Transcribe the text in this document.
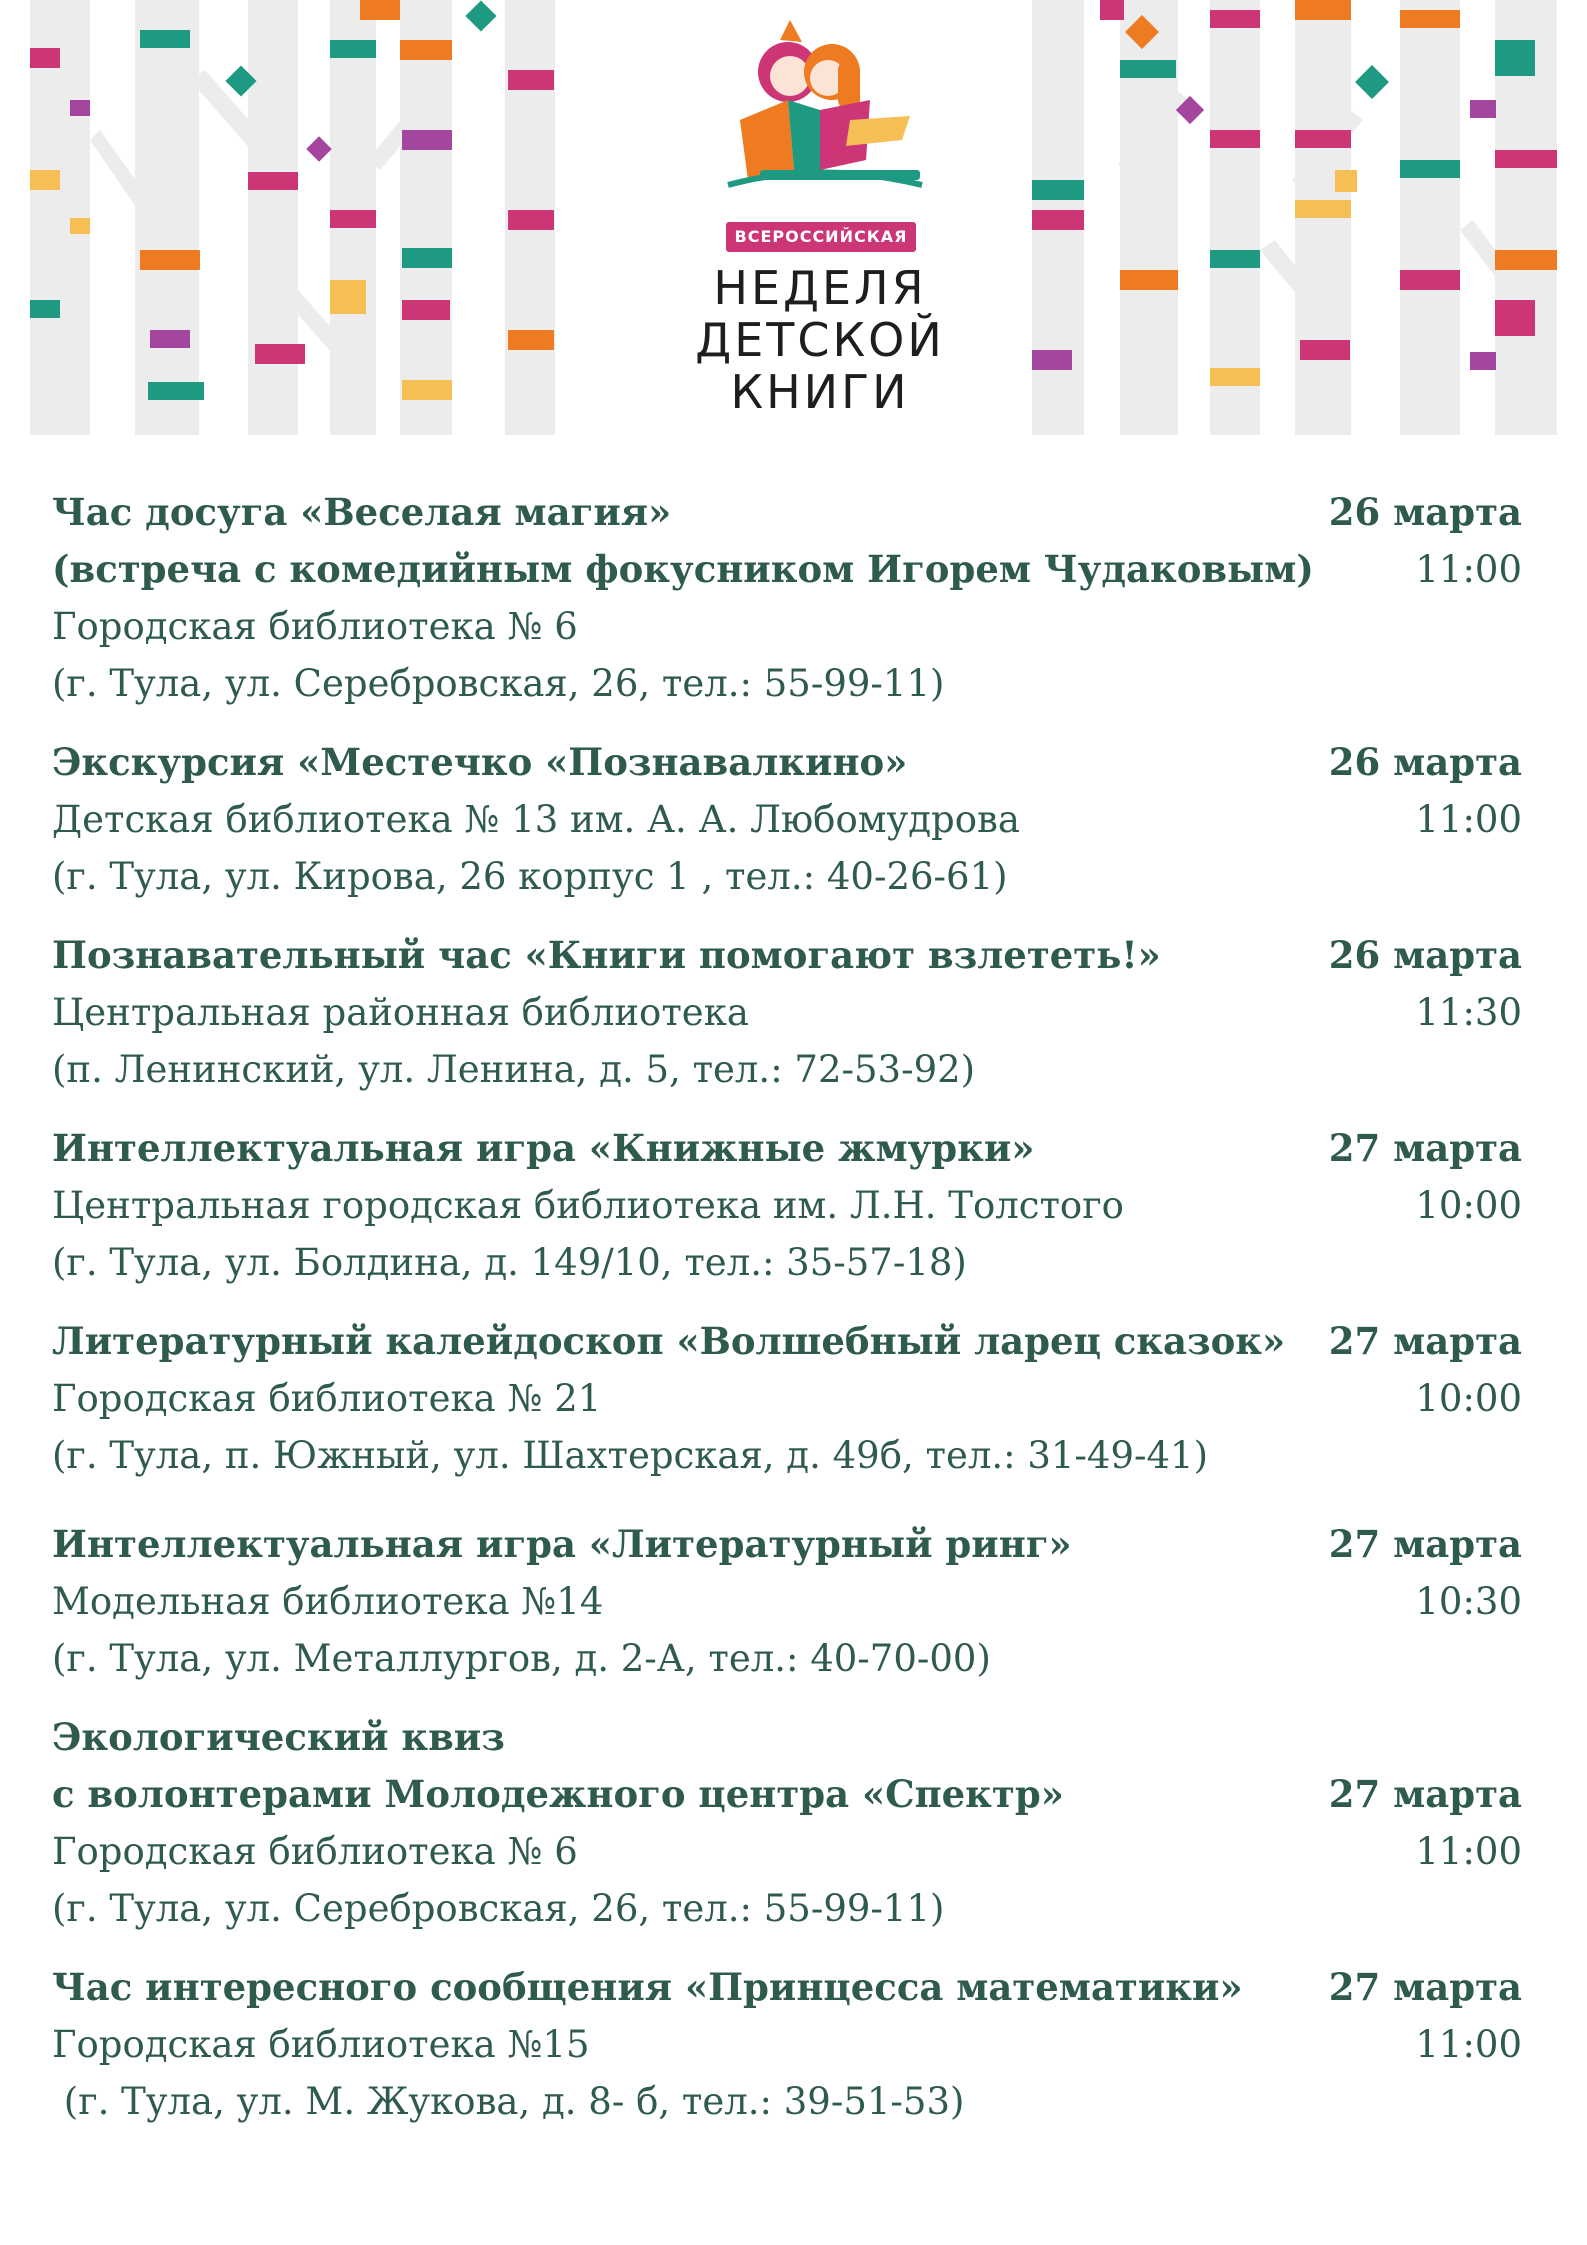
ВСЕРОССИЙСКАЯ
НЕДЕЛЯ
ДЕТСКОЙ
КНИГИ
Час досуга «Веселая магия»
(встреча с комедийным фокусником Игорем Чудаковым)
Городская библиотека № 6
(г. Тула, ул. Серебровская, 26, тел.: 55-99-11)
26 марта
11:00
Экскурсия «Местечко «Познавалкино»
Детская библиотека № 13 им. А. А. Любомудрова
(г. Тула, ул. Кирова, 26 корпус 1 , тел.: 40-26-61)
26 марта
11:00
Познавательный час «Книги помогают взлететь!»
Центральная районная библиотека
(п. Ленинский, ул. Ленина, д. 5, тел.: 72-53-92)
26 марта
11:30
Интеллектуальная игра «Книжные жмурки»
Центральная городская библиотека им. Л.Н. Толстого
(г. Тула, ул. Болдина, д. 149/10, тел.: 35-57-18)
27 марта
10:00
Литературный калейдоскоп «Волшебный ларец сказок»
Городская библиотека № 21
(г. Тула, п. Южный, ул. Шахтерская, д. 49б, тел.: 31-49-41)
27 марта
10:00
Интеллектуальная игра «Литературный ринг»
Модельная библиотека №14
(г. Тула, ул. Металлургов, д. 2-А, тел.: 40-70-00)
27 марта
10:30
Экологический квиз
с волонтерами Молодежного центра «Спектр»
Городская библиотека № 6
(г. Тула, ул. Серебровская, 26, тел.: 55-99-11)
27 марта
11:00
Час интересного сообщения «Принцесса математики»
Городская библиотека №15
(г. Тула, ул. М. Жукова, д. 8- б, тел.: 39-51-53)
27 марта
11:00
